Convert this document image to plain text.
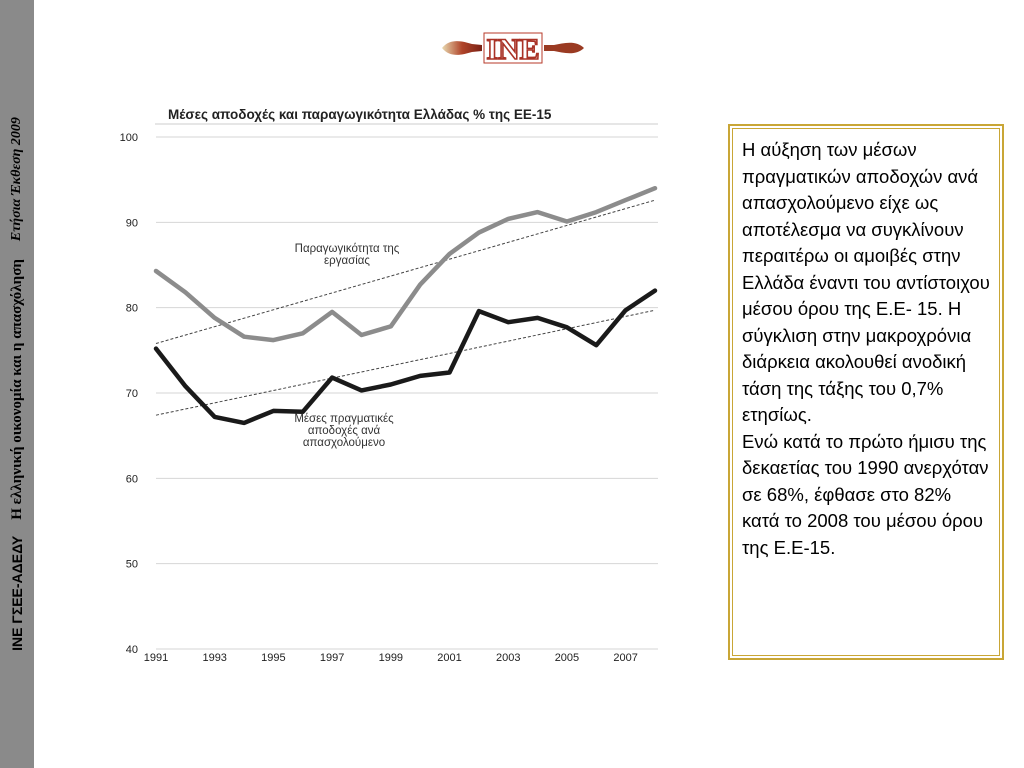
ΙΝΕ ΓΣΕΕ-ΑΔΕΔΥ
Η ελληνική οικονομία και η απασχόληση
Ετήσια Έκθεση 2009
INE
Μέσες αποδοχές και παραγωγικότητα Ελλάδας % της ΕΕ-15
40
50
60
70
80
90
100
1991	1993	1995	1997	1999	2001	2003	2005	2007
Παραγωγικότητα της εργασίας
Μέσες πραγματικές αποδοχές ανά απασχολούμενο

Η αύξηση των μέσων πραγματικών αποδοχών ανά απασχολούμενο είχε ως αποτέλεσμα να συγκλίνουν περαιτέρω οι αμοιβές στην Ελλάδα έναντι του αντίστοιχου μέσου όρου της Ε.Ε- 15. Η σύγκλιση στην μακροχρόνια διάρκεια ακολουθεί ανοδική τάση της τάξης του 0,7% ετησίως.

Ενώ κατά το πρώτο ήμισυ της δεκαετίας του 1990 ανερχόταν σε 68%, έφθασε στο 82% κατά το 2008 του μέσου όρου της Ε.Ε-15.
